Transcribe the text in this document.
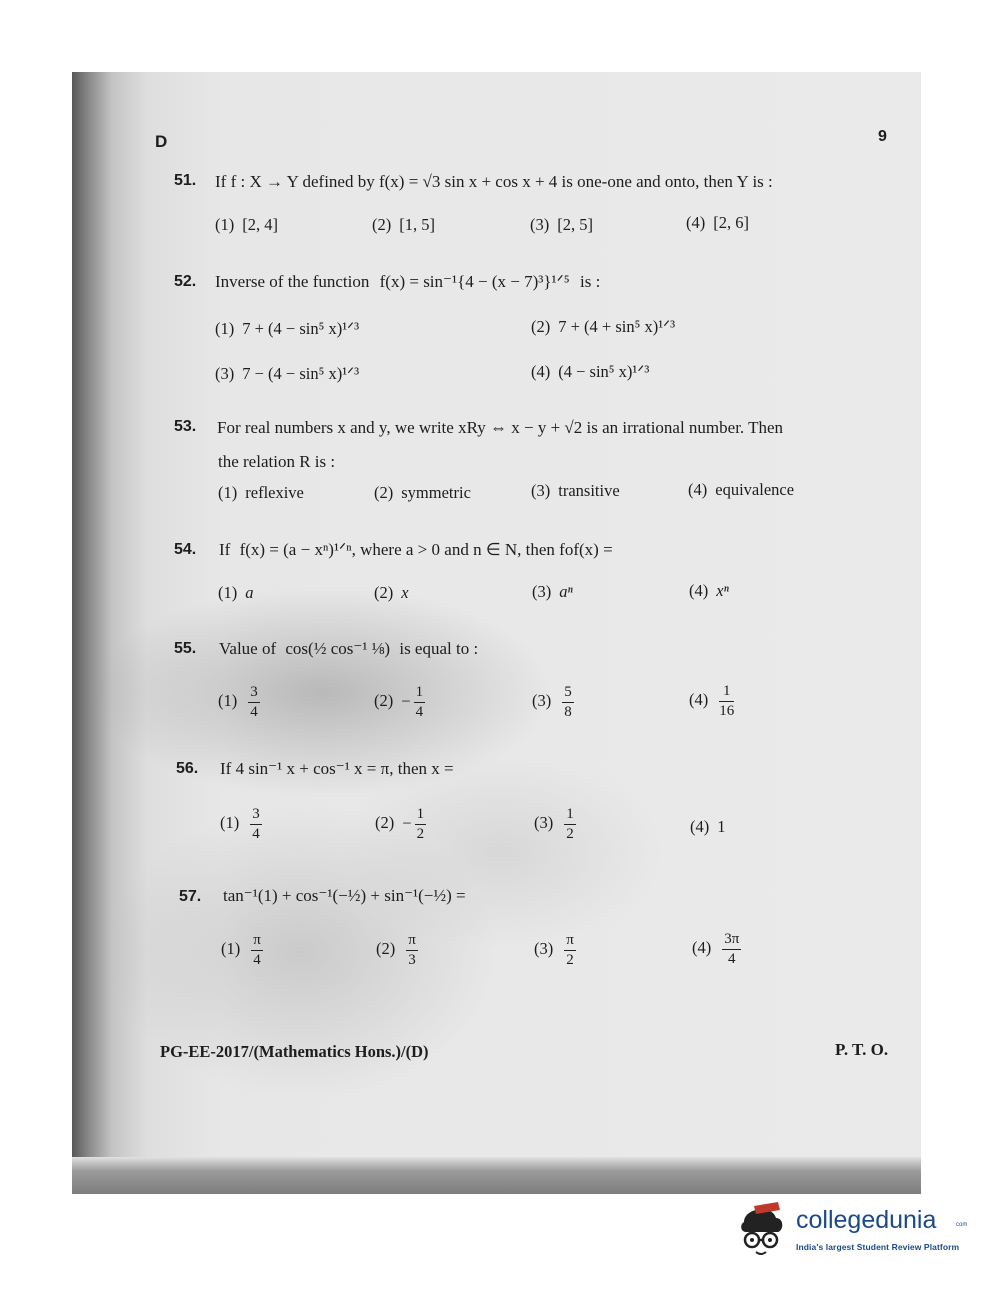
D	9
51. If f : X → Y defined by f(x) = √3 sin x + cos x + 4 is one-one and onto, then Y is :
(1) [2, 4]	(2) [1, 5]	(3) [2, 5]	(4) [2, 6]
52. Inverse of the function f(x) = sin⁻¹{4 − (x − 7)³}¹ᐟ⁵ is :
(1) 7 + (4 − sin⁵ x)¹ᐟ³	(2) 7 + (4 + sin⁵ x)¹ᐟ³
(3) 7 − (4 − sin⁵ x)¹ᐟ³	(4) (4 − sin⁵ x)¹ᐟ³
53. For real numbers x and y, we write xRy ⇔ x − y + √2 is an irrational number. Then
the relation R is :
(1) reflexive	(2) symmetric	(3) transitive	(4) equivalence
54. If f(x) = (a − xⁿ)¹ᐟⁿ, where a > 0 and n ∈ N, then fof(x) =
(1) a	(2) x	(3) aⁿ	(4) xⁿ
55. Value of cos(½ cos⁻¹ ⅛) is equal to :
$(1) \frac{3}{4}$	$(2) - \frac{1}{4}$	$(3) \frac{5}{8}$	$(4) \frac{1}{16}$
56. If 4 sin⁻¹ x + cos⁻¹ x = π, then x =
$(1) \frac{3}{4}$	$(2) - \frac{1}{2}$	$(3) \frac{1}{2}$	(4) 1
57. tan⁻¹(1) + cos⁻¹(−½) + sin⁻¹(−½) =
$(1) \frac{\pi}{4}$	$(2) \frac{\pi}{3}$	$(3) \frac{\pi}{2}$	$(4) \frac{3\pi}{4}$
PG-EE-2017/(Mathematics Hons.)/(D)	P. T. O.
collegedunia	com
India's largest Student Review Platform
